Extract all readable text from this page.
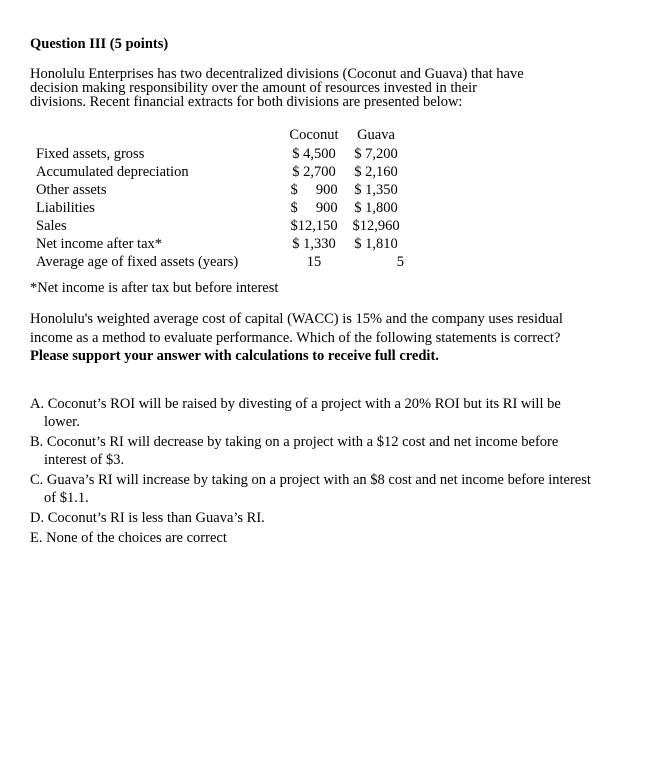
Question III (5 points)
Honolulu Enterprises has two decentralized divisions (Coconut and Guava) that have
decision making responsibility over the amount of resources invested in their
divisions. Recent financial extracts for both divisions are presented below:
	Coconut	Guava
Fixed assets, gross	$ 4,500	$ 7,200
Accumulated depreciation	$ 2,700	$ 2,160
Other assets	$     900	$ 1,350
Liabilities	$     900	$ 1,800
Sales	$12,150	$12,960
Net income after tax*	$ 1,330	$ 1,810
Average age of fixed assets (years)	15	5
*Net income is after tax but before interest
Honolulu's weighted average cost of capital (WACC) is 15% and the company uses residual income as a method to evaluate performance. Which of the following statements is correct? Please support your answer with calculations to receive full credit.
A. Coconut’s ROI will be raised by divesting of a project with a 20% ROI but its RI will be lower.
B. Coconut’s RI will decrease by taking on a project with a $12 cost and net income before interest of $3.
C. Guava’s RI will increase by taking on a project with an $8 cost and net income before interest of $1.1.
D. Coconut’s RI is less than Guava’s RI.
E. None of the choices are correct
